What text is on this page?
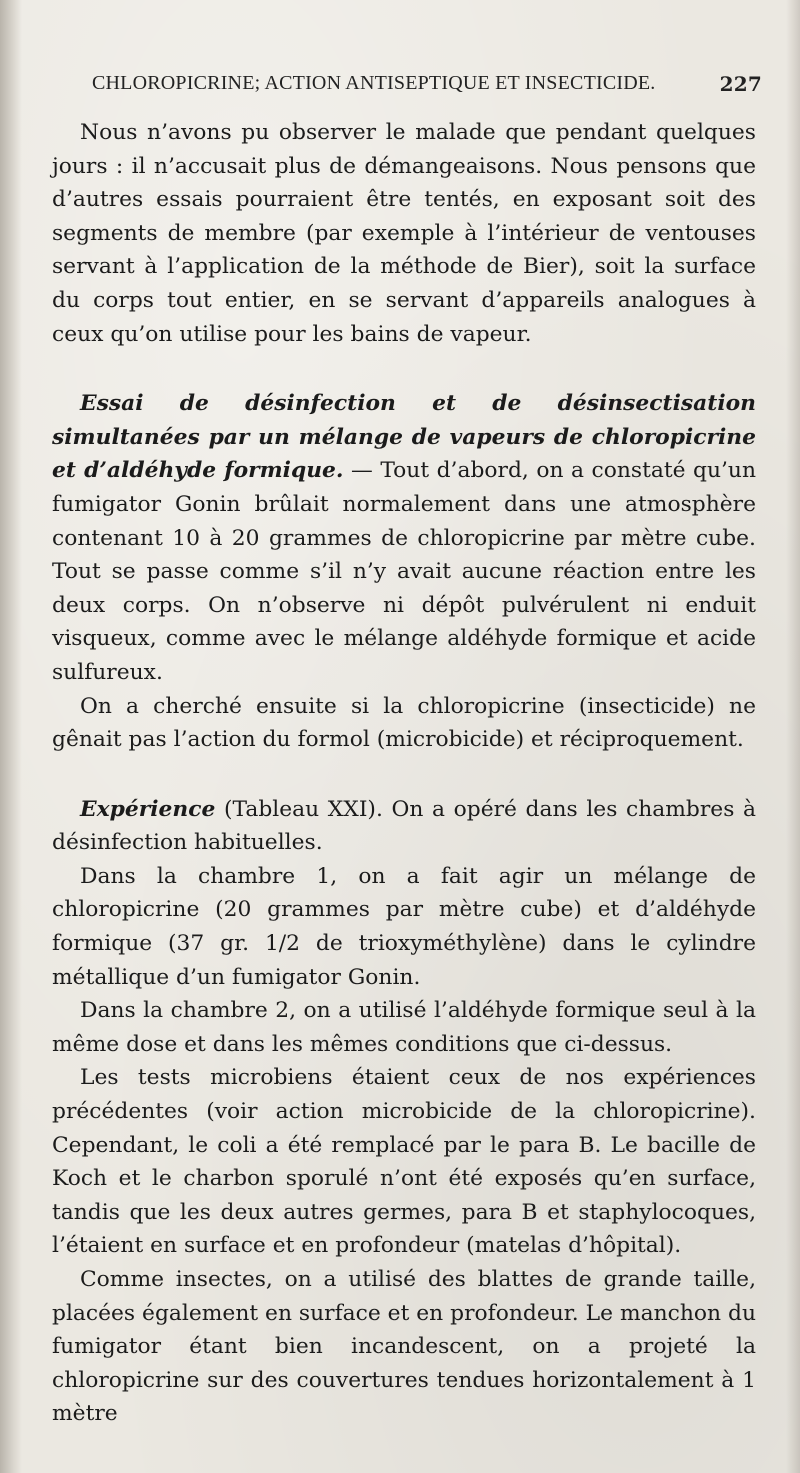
CHLOROPICRINE; ACTION ANTISEPTIQUE ET INSECTICIDE.	227

Nous n’avons pu observer le malade que pendant quelques jours : il n’accusait plus de démangeaisons. Nous pensons que d’autres essais pourraient être tentés, en exposant soit des segments de membre (par exemple à l’intérieur de ventouses servant à l’application de la méthode de Bier), soit la surface du corps tout entier, en se servant d’appareils analogues à ceux qu’on utilise pour les bains de vapeur.

Essai de désinfection et de désinsectisation simultanées par un mélange de vapeurs de chloropicrine et d’aldéhyde formique. — Tout d’abord, on a constaté qu’un fumigator Gonin brûlait normalement dans une atmosphère contenant 10 à 20 grammes de chloropicrine par mètre cube. Tout se passe comme s’il n’y avait aucune réaction entre les deux corps. On n’observe ni dépôt pulvérulent ni enduit visqueux, comme avec le mélange aldéhyde formique et acide sulfureux.

On a cherché ensuite si la chloropicrine (insecticide) ne gênait pas l’action du formol (microbicide) et réciproquement.

Expérience (Tableau XXI). On a opéré dans les chambres à désinfection habituelles.

Dans la chambre 1, on a fait agir un mélange de chloropicrine (20 grammes par mètre cube) et d’aldéhyde formique (37 gr. 1/2 de trioxyméthylène) dans le cylindre métallique d’un fumigator Gonin.

Dans la chambre 2, on a utilisé l’aldéhyde formique seul à la même dose et dans les mêmes conditions que ci-dessus.

Les tests microbiens étaient ceux de nos expériences précédentes (voir action microbicide de la chloropicrine). Cependant, le coli a été remplacé par le para B. Le bacille de Koch et le charbon sporulé n’ont été exposés qu’en surface, tandis que les deux autres germes, para B et staphylocoques, l’étaient en surface et en profondeur (matelas d’hôpital).

Comme insectes, on a utilisé des blattes de grande taille, placées également en surface et en profondeur. Le manchon du fumigator étant bien incandescent, on a projeté la chloropicrine sur des couvertures tendues horizontalement à 1 mètre
